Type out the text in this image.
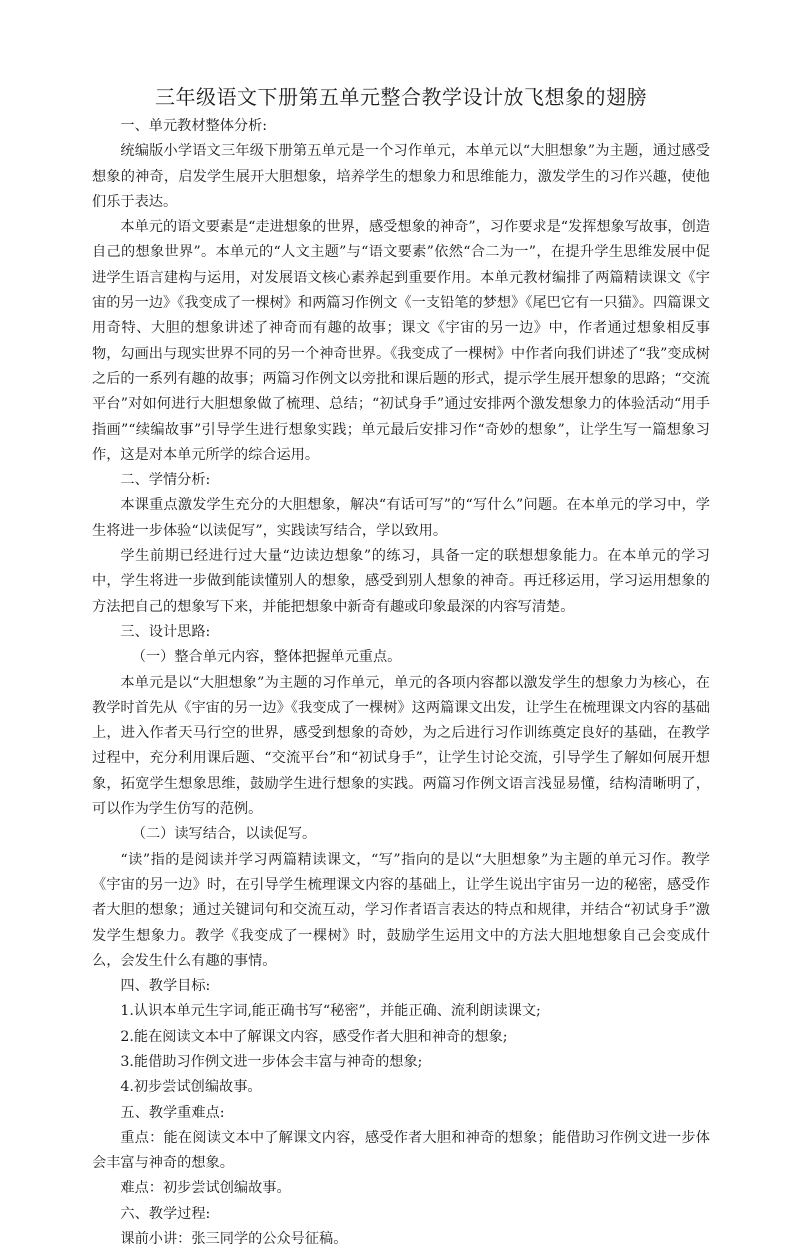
三年级语文下册第五单元整合教学设计放飞想象的翅膀

一、单元教材整体分析:

统编版小学语文三年级下册第五单元是一个习作单元，本单元以“大胆想象”为主题，通过感受想象的神奇，启发学生展开大胆想象，培养学生的想象力和思维能力，激发学生的习作兴趣，使他们乐于表达。

本单元的语文要素是“走进想象的世界，感受想象的神奇”，习作要求是“发挥想象写故事，创造自己的想象世界”。本单元的“人文主题”与“语文要素”依然“合二为一”，在提升学生思维发展中促进学生语言建构与运用，对发展语文核心素养起到重要作用。本单元教材编排了两篇精读课文《宇宙的另一边》《我变成了一棵树》和两篇习作例文《一支铅笔的梦想》《尾巴它有一只猫》。四篇课文用奇特、大胆的想象讲述了神奇而有趣的故事；课文《宇宙的另一边》中，作者通过想象相反事物，勾画出与现实世界不同的另一个神奇世界。《我变成了一棵树》中作者向我们讲述了“我”变成树之后的一系列有趣的故事；两篇习作例文以旁批和课后题的形式，提示学生展开想象的思路；“交流平台”对如何进行大胆想象做了梳理、总结；“初试身手”通过安排两个激发想象力的体验活动“用手指画”“续编故事”引导学生进行想象实践；单元最后安排习作“奇妙的想象”，让学生写一篇想象习作，这是对本单元所学的综合运用。

二、学情分析:

本课重点激发学生充分的大胆想象，解决“有话可写”的“写什么”问题。在本单元的学习中，学生将进一步体验“以读促写”，实践读写结合，学以致用。

学生前期已经进行过大量“边读边想象”的练习，具备一定的联想想象能力。在本单元的学习中，学生将进一步做到能读懂别人的想象，感受到别人想象的神奇。再迁移运用，学习运用想象的方法把自己的想象写下来，并能把想象中新奇有趣或印象最深的内容写清楚。

三、设计思路:

（一）整合单元内容，整体把握单元重点。

本单元是以“大胆想象”为主题的习作单元，单元的各项内容都以激发学生的想象力为核心，在教学时首先从《宇宙的另一边》《我变成了一棵树》这两篇课文出发，让学生在梳理课文内容的基础上，进入作者天马行空的世界，感受到想象的奇妙，为之后进行习作训练奠定良好的基础，在教学过程中，充分利用课后题、“交流平台”和“初试身手”，让学生讨论交流，引导学生了解如何展开想象，拓宽学生想象思维，鼓励学生进行想象的实践。两篇习作例文语言浅显易懂，结构清晰明了，可以作为学生仿写的范例。

（二）读写结合，以读促写。

“读”指的是阅读并学习两篇精读课文，“写”指向的是以“大胆想象”为主题的单元习作。教学《宇宙的另一边》时，在引导学生梳理课文内容的基础上，让学生说出宇宙另一边的秘密，感受作者大胆的想象；通过关键词句和交流互动，学习作者语言表达的特点和规律，并结合“初试身手”激发学生想象力。教学《我变成了一棵树》时，鼓励学生运用文中的方法大胆地想象自己会变成什么，会发生什么有趣的事情。

四、教学目标:

1.认识本单元生字词,能正确书写“秘密”，并能正确、流利朗读课文;

2.能在阅读文本中了解课文内容，感受作者大胆和神奇的想象;

3.能借助习作例文进一步体会丰富与神奇的想象;

4.初步尝试创编故事。

五、教学重难点:

重点：能在阅读文本中了解课文内容，感受作者大胆和神奇的想象；能借助习作例文进一步体会丰富与神奇的想象。

难点：初步尝试创编故事。

六、教学过程:

课前小讲：张三同学的公众号征稿。
